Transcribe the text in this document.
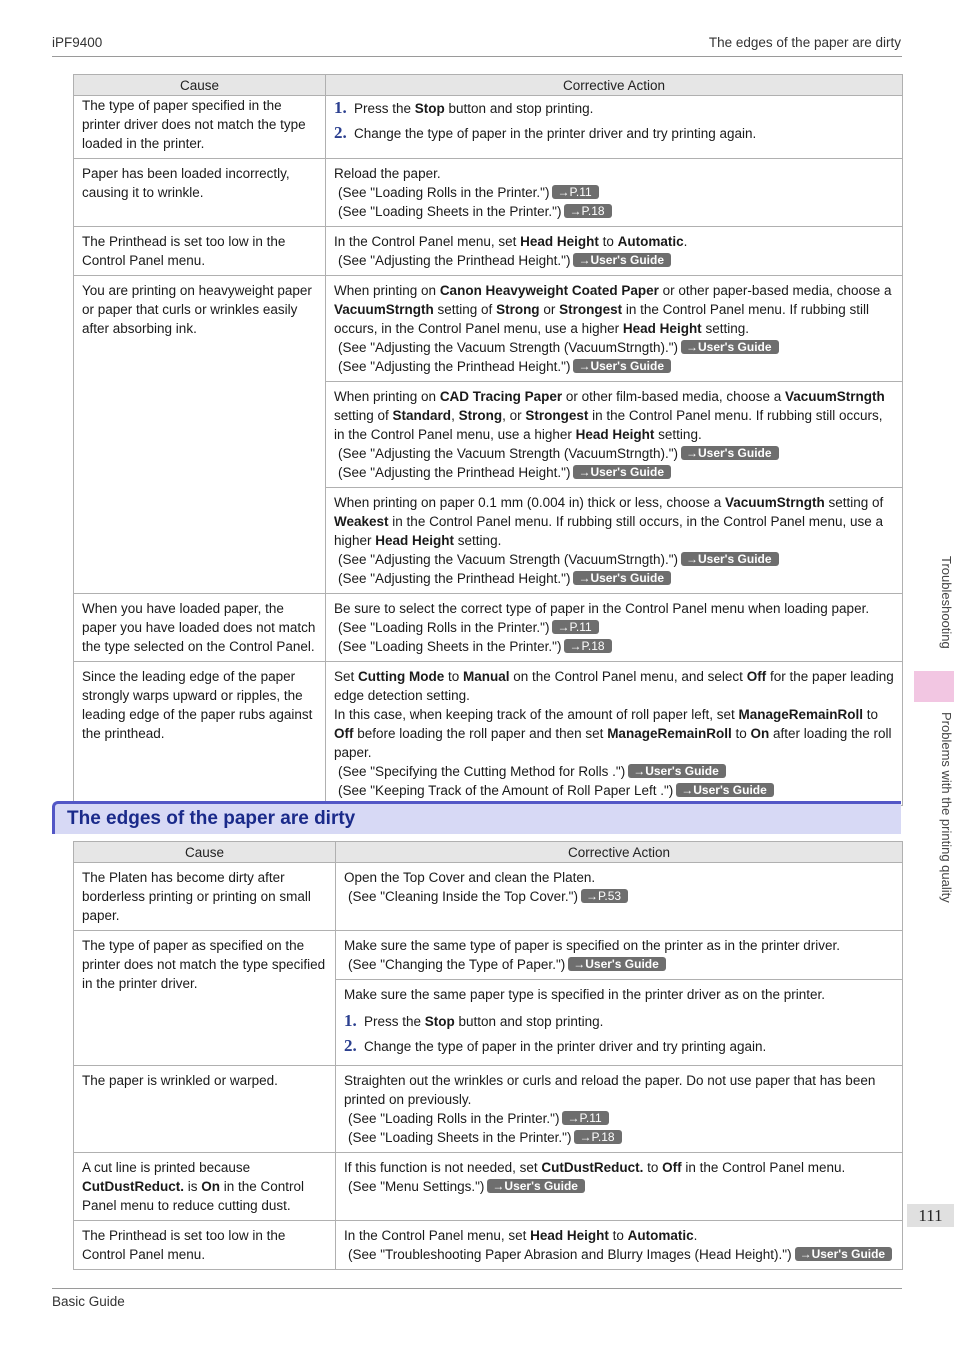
iPF9400	The edges of the paper are dirty
Cause	Corrective Action
The type of paper specified in the printer driver does not match the type loaded in the printer.	1. Press the Stop button and stop printing.
2. Change the type of paper in the printer driver and try printing again.

Paper has been loaded incorrectly, causing it to wrinkle.	Reload the paper.
(See "Loading Rolls in the Printer.") →P.11
(See "Loading Sheets in the Printer.") →P.18

The Printhead is set too low in the Control Panel menu.	In the Control Panel menu, set Head Height to Automatic.
(See "Adjusting the Printhead Height.") →User's Guide

You are printing on heavyweight paper or paper that curls or wrinkles easily after absorbing ink.	When printing on Canon Heavyweight Coated Paper or other paper-based media, choose a VacuumStrngth setting of Strong or Strongest in the Control Panel menu. If rubbing still occurs, in the Control Panel menu, use a higher Head Height setting.
(See "Adjusting the Vacuum Strength (VacuumStrngth).") →User's Guide
(See "Adjusting the Printhead Height.") →User's Guide

	When printing on CAD Tracing Paper or other film-based media, choose a VacuumStrngth setting of Standard, Strong, or Strongest in the Control Panel menu. If rubbing still occurs, in the Control Panel menu, use a higher Head Height setting.
(See "Adjusting the Vacuum Strength (VacuumStrngth).") →User's Guide
(See "Adjusting the Printhead Height.") →User's Guide

	When printing on paper 0.1 mm (0.004 in) thick or less, choose a VacuumStrngth setting of Weakest in the Control Panel menu. If rubbing still occurs, in the Control Panel menu, use a higher Head Height setting.
(See "Adjusting the Vacuum Strength (VacuumStrngth).") →User's Guide
(See "Adjusting the Printhead Height.") →User's Guide

When you have loaded paper, the paper you have loaded does not match the type selected on the Control Panel.	Be sure to select the correct type of paper in the Control Panel menu when loading paper.
(See "Loading Rolls in the Printer.") →P.11
(See "Loading Sheets in the Printer.") →P.18

Since the leading edge of the paper strongly warps upward or ripples, the leading edge of the paper rubs against the printhead.	Set Cutting Mode to Manual on the Control Panel menu, and select Off for the paper leading edge detection setting.
In this case, when keeping track of the amount of roll paper left, set ManageRemainRoll to Off before loading the roll paper and then set ManageRemainRoll to On after loading the roll paper.
(See "Specifying the Cutting Method for Rolls .") →User's Guide
(See "Keeping Track of the Amount of Roll Paper Left .") →User's Guide
The edges of the paper are dirty
Cause	Corrective Action
The Platen has become dirty after borderless printing or printing on small paper.	Open the Top Cover and clean the Platen.
(See "Cleaning Inside the Top Cover.") →P.53

The type of paper as specified on the printer does not match the type specified in the printer driver.	Make sure the same type of paper is specified on the printer as in the printer driver.
(See "Changing the Type of Paper.") →User's Guide

	Make sure the same paper type is specified in the printer driver as on the printer.
1. Press the Stop button and stop printing.
2. Change the type of paper in the printer driver and try printing again.

The paper is wrinkled or warped.	Straighten out the wrinkles or curls and reload the paper. Do not use paper that has been printed on previously.
(See "Loading Rolls in the Printer.") →P.11
(See "Loading Sheets in the Printer.") →P.18

A cut line is printed because CutDustReduct. is On in the Control Panel menu to reduce cutting dust.	If this function is not needed, set CutDustReduct. to Off in the Control Panel menu.
(See "Menu Settings.") →User's Guide

The Printhead is set too low in the Control Panel menu.	In the Control Panel menu, set Head Height to Automatic.
(See "Troubleshooting Paper Abrasion and Blurry Images (Head Height).") →User's Guide
Troubleshooting
Problems with the printing quality
111
Basic Guide
